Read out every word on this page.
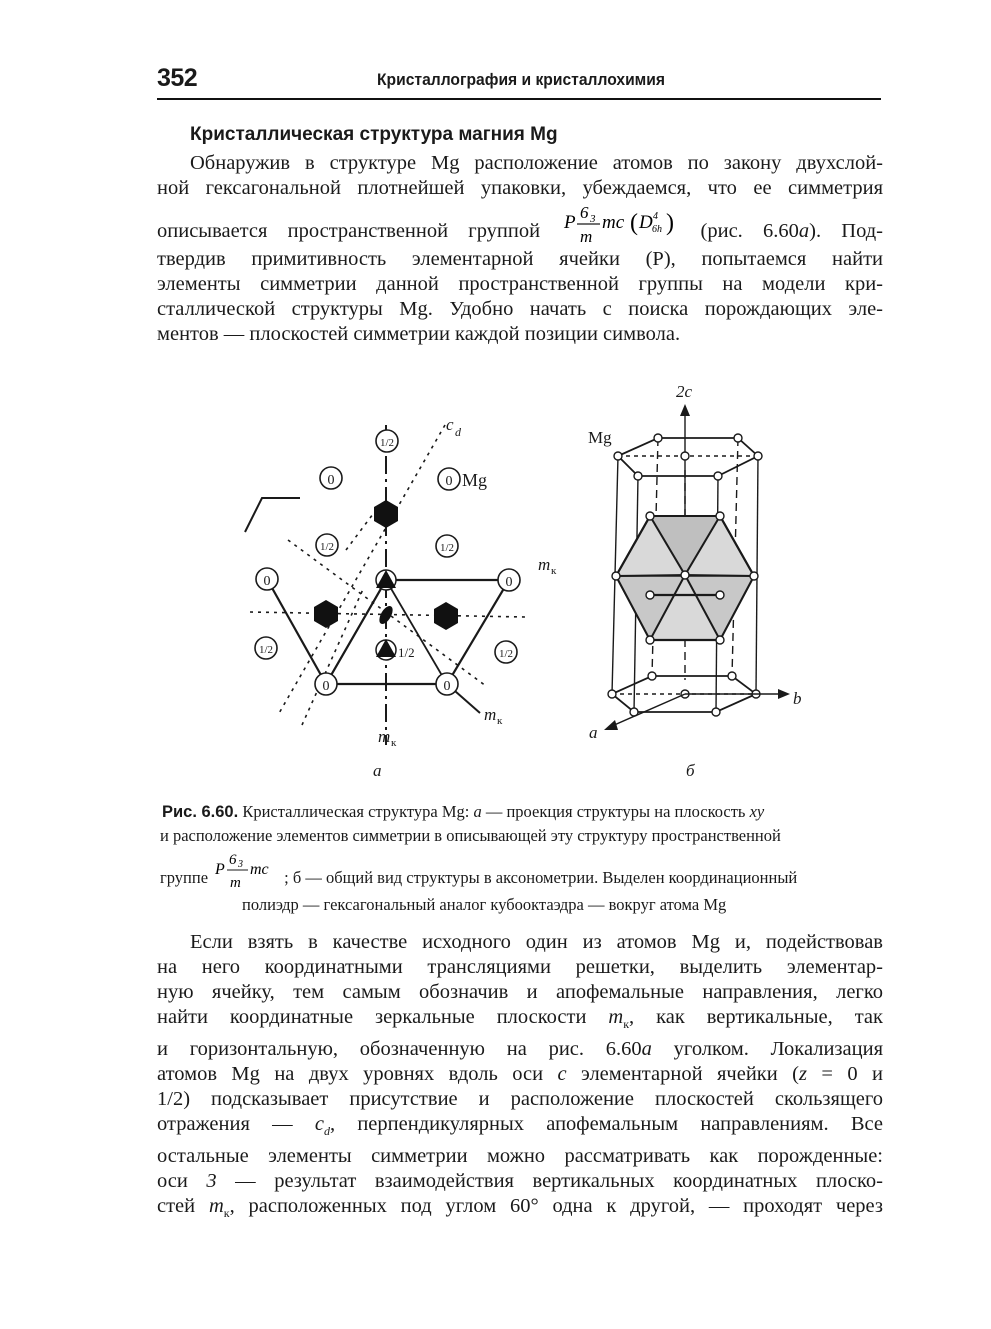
352	Кристаллография и кристаллохимия
Кристаллическая структура магния Mg
Обнаружив в структуре Mg расположение атомов по закону двухслой-
ной гексагональной плотнейшей упаковки, убеждаемся, что ее симметрия
описывается пространственной группой P 6 3
m
mc ( D 4
6h ) (рис. 6.60а). Под-
твердив примитивность элементарной ячейки (P), попытаемся найти
элементы симметрии данной пространственной группы на модели кри-
сталлической структуры Mg. Удобно начать с поиска порождающих эле-
ментов — плоскостей симметрии каждой позиции символа.
0	0
0	0
0	0
1/2
1/2	1/2
1/2	1/2
1/2
Mg
c d
m к
m к
m к
а
2c
Mg
b
a
б
Рис. 6.60. Кристаллическая структура Mg: а — проекция структуры на плоскость xy
и расположение элементов симметрии в описывающей эту структуру пространственной
группе P
6 3
m
mc ; б — общий вид структуры в аксонометрии. Выделен координационный
полиэдр — гексагональный аналог кубооктаэдра — вокруг атома Mg
Если взять в качестве исходного один из атомов Mg и, подействовав
на него координатными трансляциями решетки, выделить элементар-
ную ячейку, тем самым обозначив и апофемальные направления, легко
найти координатные зеркальные плоскости $m_к$, как вертикальные, так
и горизонтальную, обозначенную на рис. 6.60а уголком. Локализация
атомов Mg на двух уровнях вдоль оси c элементарной ячейки (z = 0 и
1/2) подсказывает присутствие и расположение плоскостей скользящего
отражения — $c_d$, перпендикулярных апофемальным направлениям. Все
остальные элементы симметрии можно рассматривать как порожденные:
оси 3 — результат взаимодействия вертикальных координатных плоско-
стей $m_к$, расположенных под углом 60° одна к другой, — проходят через
